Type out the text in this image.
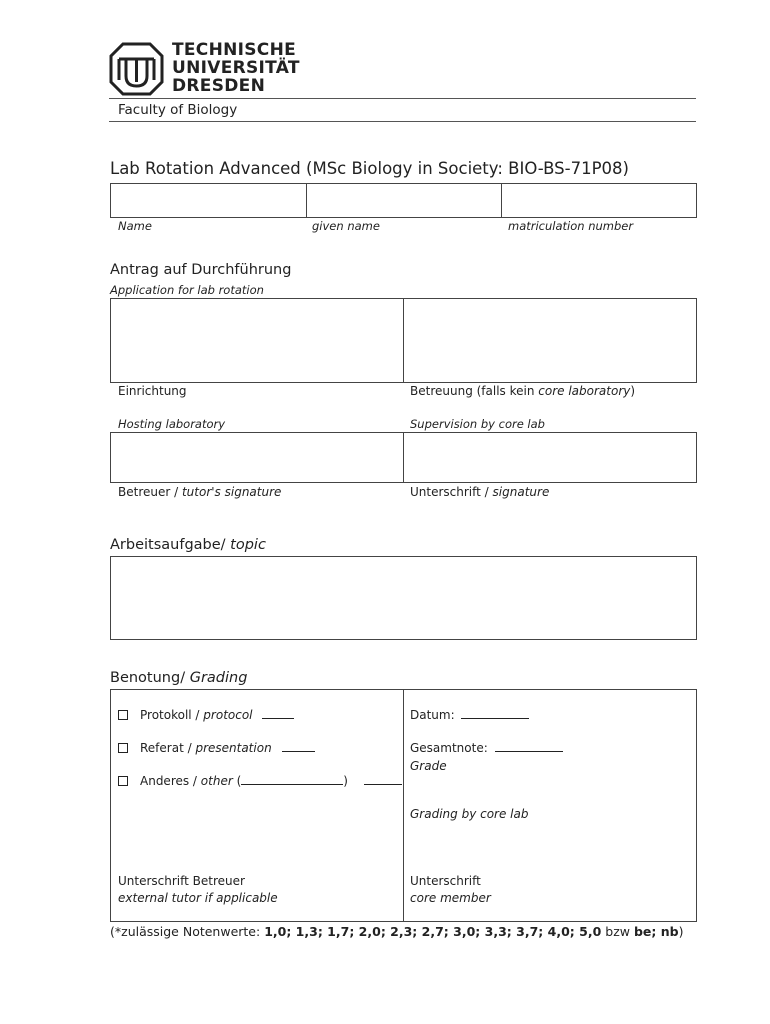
TECHNISCHE
UNIVERSITÄT
DRESDEN
Faculty of Biology
Lab Rotation Advanced (MSc Biology in Society: BIO-BS-71P08)
Name	given name	matriculation number
Antrag auf Durchführung
Application for lab rotation
Einrichtung	Betreuung (falls kein core laboratory)
Hosting laboratory	Supervision by core lab
Betreuer / tutor's signature	Unterschrift / signature
Arbeitsaufgabe/ topic
Benotung/ Grading
Protokoll / protocol
Referat / presentation
Anderes / other (	)
Unterschrift Betreuer
external tutor if applicable
Datum:
Gesamtnote:
Grade
Grading by core lab
Unterschrift
core member
(*zulässige Notenwerte: 1,0; 1,3; 1,7; 2,0; 2,3; 2,7; 3,0; 3,3; 3,7; 4,0; 5,0 bzw be; nb)
